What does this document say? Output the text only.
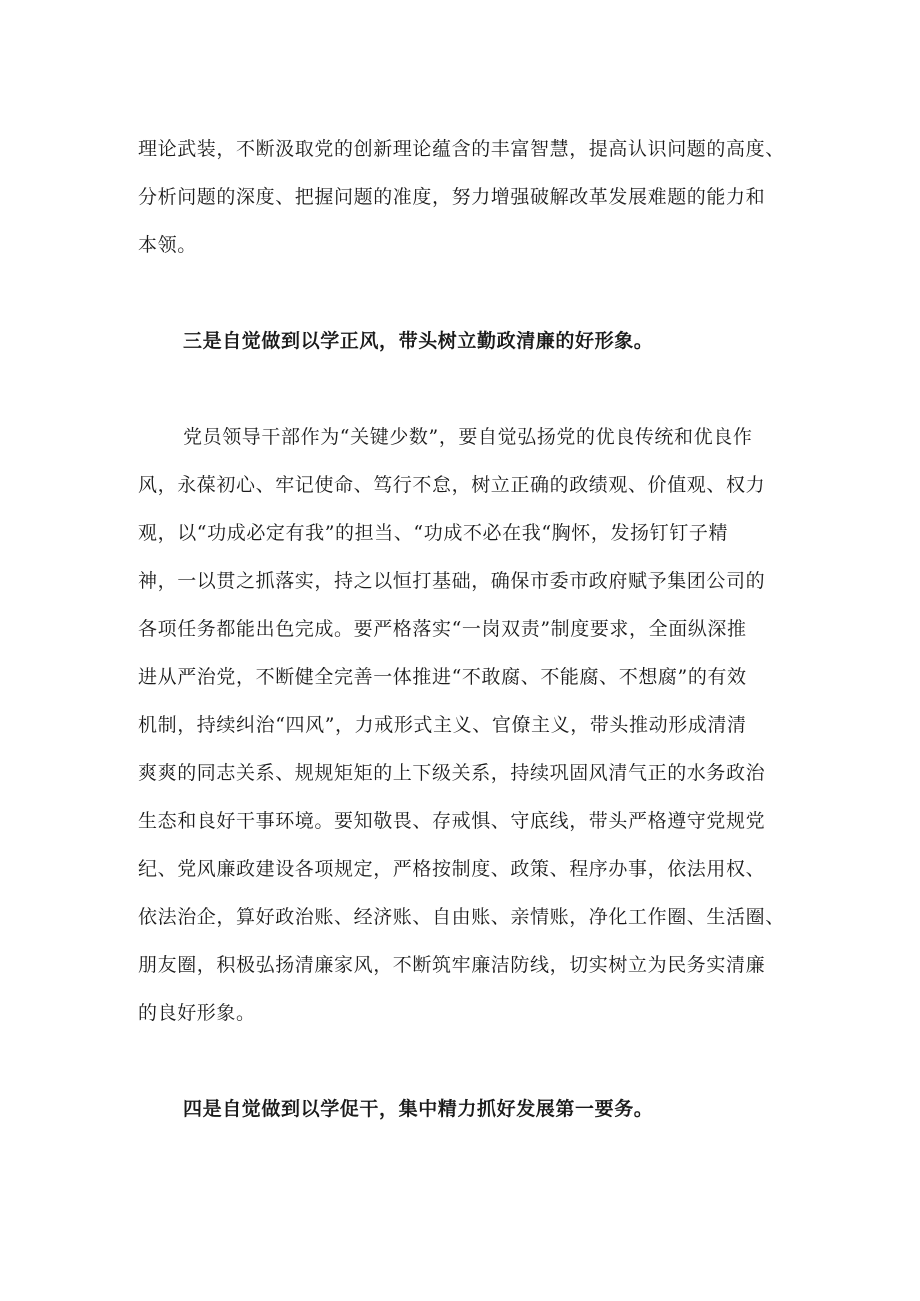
理论武装，不断汲取党的创新理论蕴含的丰富智慧，提高认识问题的高度、
分析问题的深度、把握问题的准度，努力增强破解改革发展难题的能力和
本领。
三是自觉做到以学正风，带头树立勤政清廉的好形象。
党员领导干部作为“关键少数”，要自觉弘扬党的优良传统和优良作
风，永葆初心、牢记使命、笃行不怠，树立正确的政绩观、价值观、权力
观，以“功成必定有我”的担当、“功成不必在我“胸怀，发扬钉钉子精
神，一以贯之抓落实，持之以恒打基础，确保市委市政府赋予集团公司的
各项任务都能出色完成。要严格落实“一岗双责”制度要求，全面纵深推
进从严治党，不断健全完善一体推进“不敢腐、不能腐、不想腐”的有效
机制，持续纠治“四风”，力戒形式主义、官僚主义，带头推动形成清清
爽爽的同志关系、规规矩矩的上下级关系，持续巩固风清气正的水务政治
生态和良好干事环境。要知敬畏、存戒惧、守底线，带头严格遵守党规党
纪、党风廉政建设各项规定，严格按制度、政策、程序办事，依法用权、
依法治企，算好政治账、经济账、自由账、亲情账，净化工作圈、生活圈、
朋友圈，积极弘扬清廉家风，不断筑牢廉洁防线，切实树立为民务实清廉
的良好形象。
四是自觉做到以学促干，集中精力抓好发展第一要务。
